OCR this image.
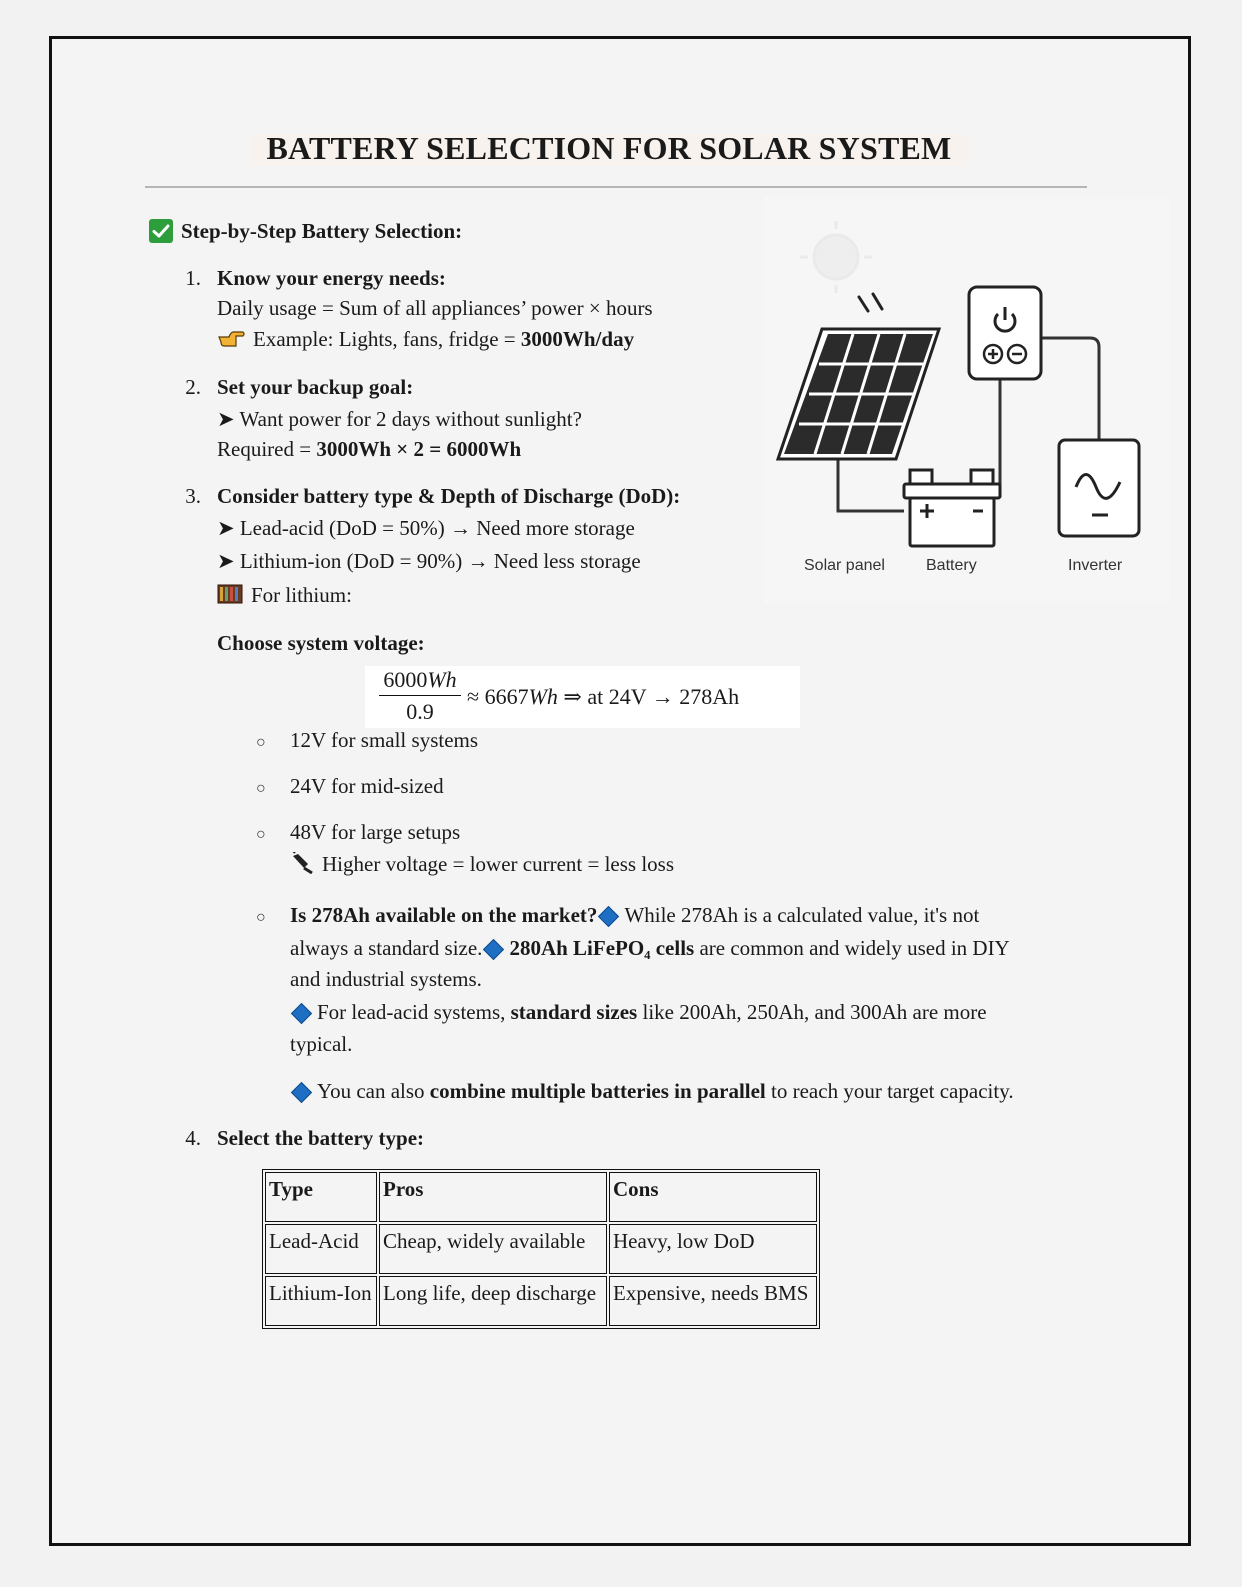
BATTERY SELECTION FOR SOLAR SYSTEM
Step-by-Step Battery Selection:
1. Know your energy needs:
Daily usage = Sum of all appliances’ power × hours
Example: Lights, fans, fridge = 3000Wh/day
2. Set your backup goal:
➤ Want power for 2 days without sunlight?
Required = 3000Wh × 2 = 6000Wh
3. Consider battery type & Depth of Discharge (DoD):
➤ Lead-acid (DoD = 50%) → Need more storage
➤ Lithium-ion (DoD = 90%) → Need less storage
For lithium:
Solar panel	Battery	Inverter
Choose system voltage:
6000Wh
0.9
≈ 6667Wh ⇒ at 24V → 278Ah
○ 12V for small systems
○ 24V for mid-sized
○ 48V for large setups
Higher voltage = lower current = less loss
○ Is 278Ah available on the market? While 278Ah is a calculated value, it's not
always a standard size. 280Ah LiFePO₄ cells are common and widely used in DIY
and industrial systems.
For lead-acid systems, standard sizes like 200Ah, 250Ah, and 300Ah are more
typical.
You can also combine multiple batteries in parallel to reach your target capacity.
4. Select the battery type:
Type	Pros	Cons
Lead-Acid	Cheap, widely available	Heavy, low DoD
Lithium-Ion	Long life, deep discharge	Expensive, needs BMS
